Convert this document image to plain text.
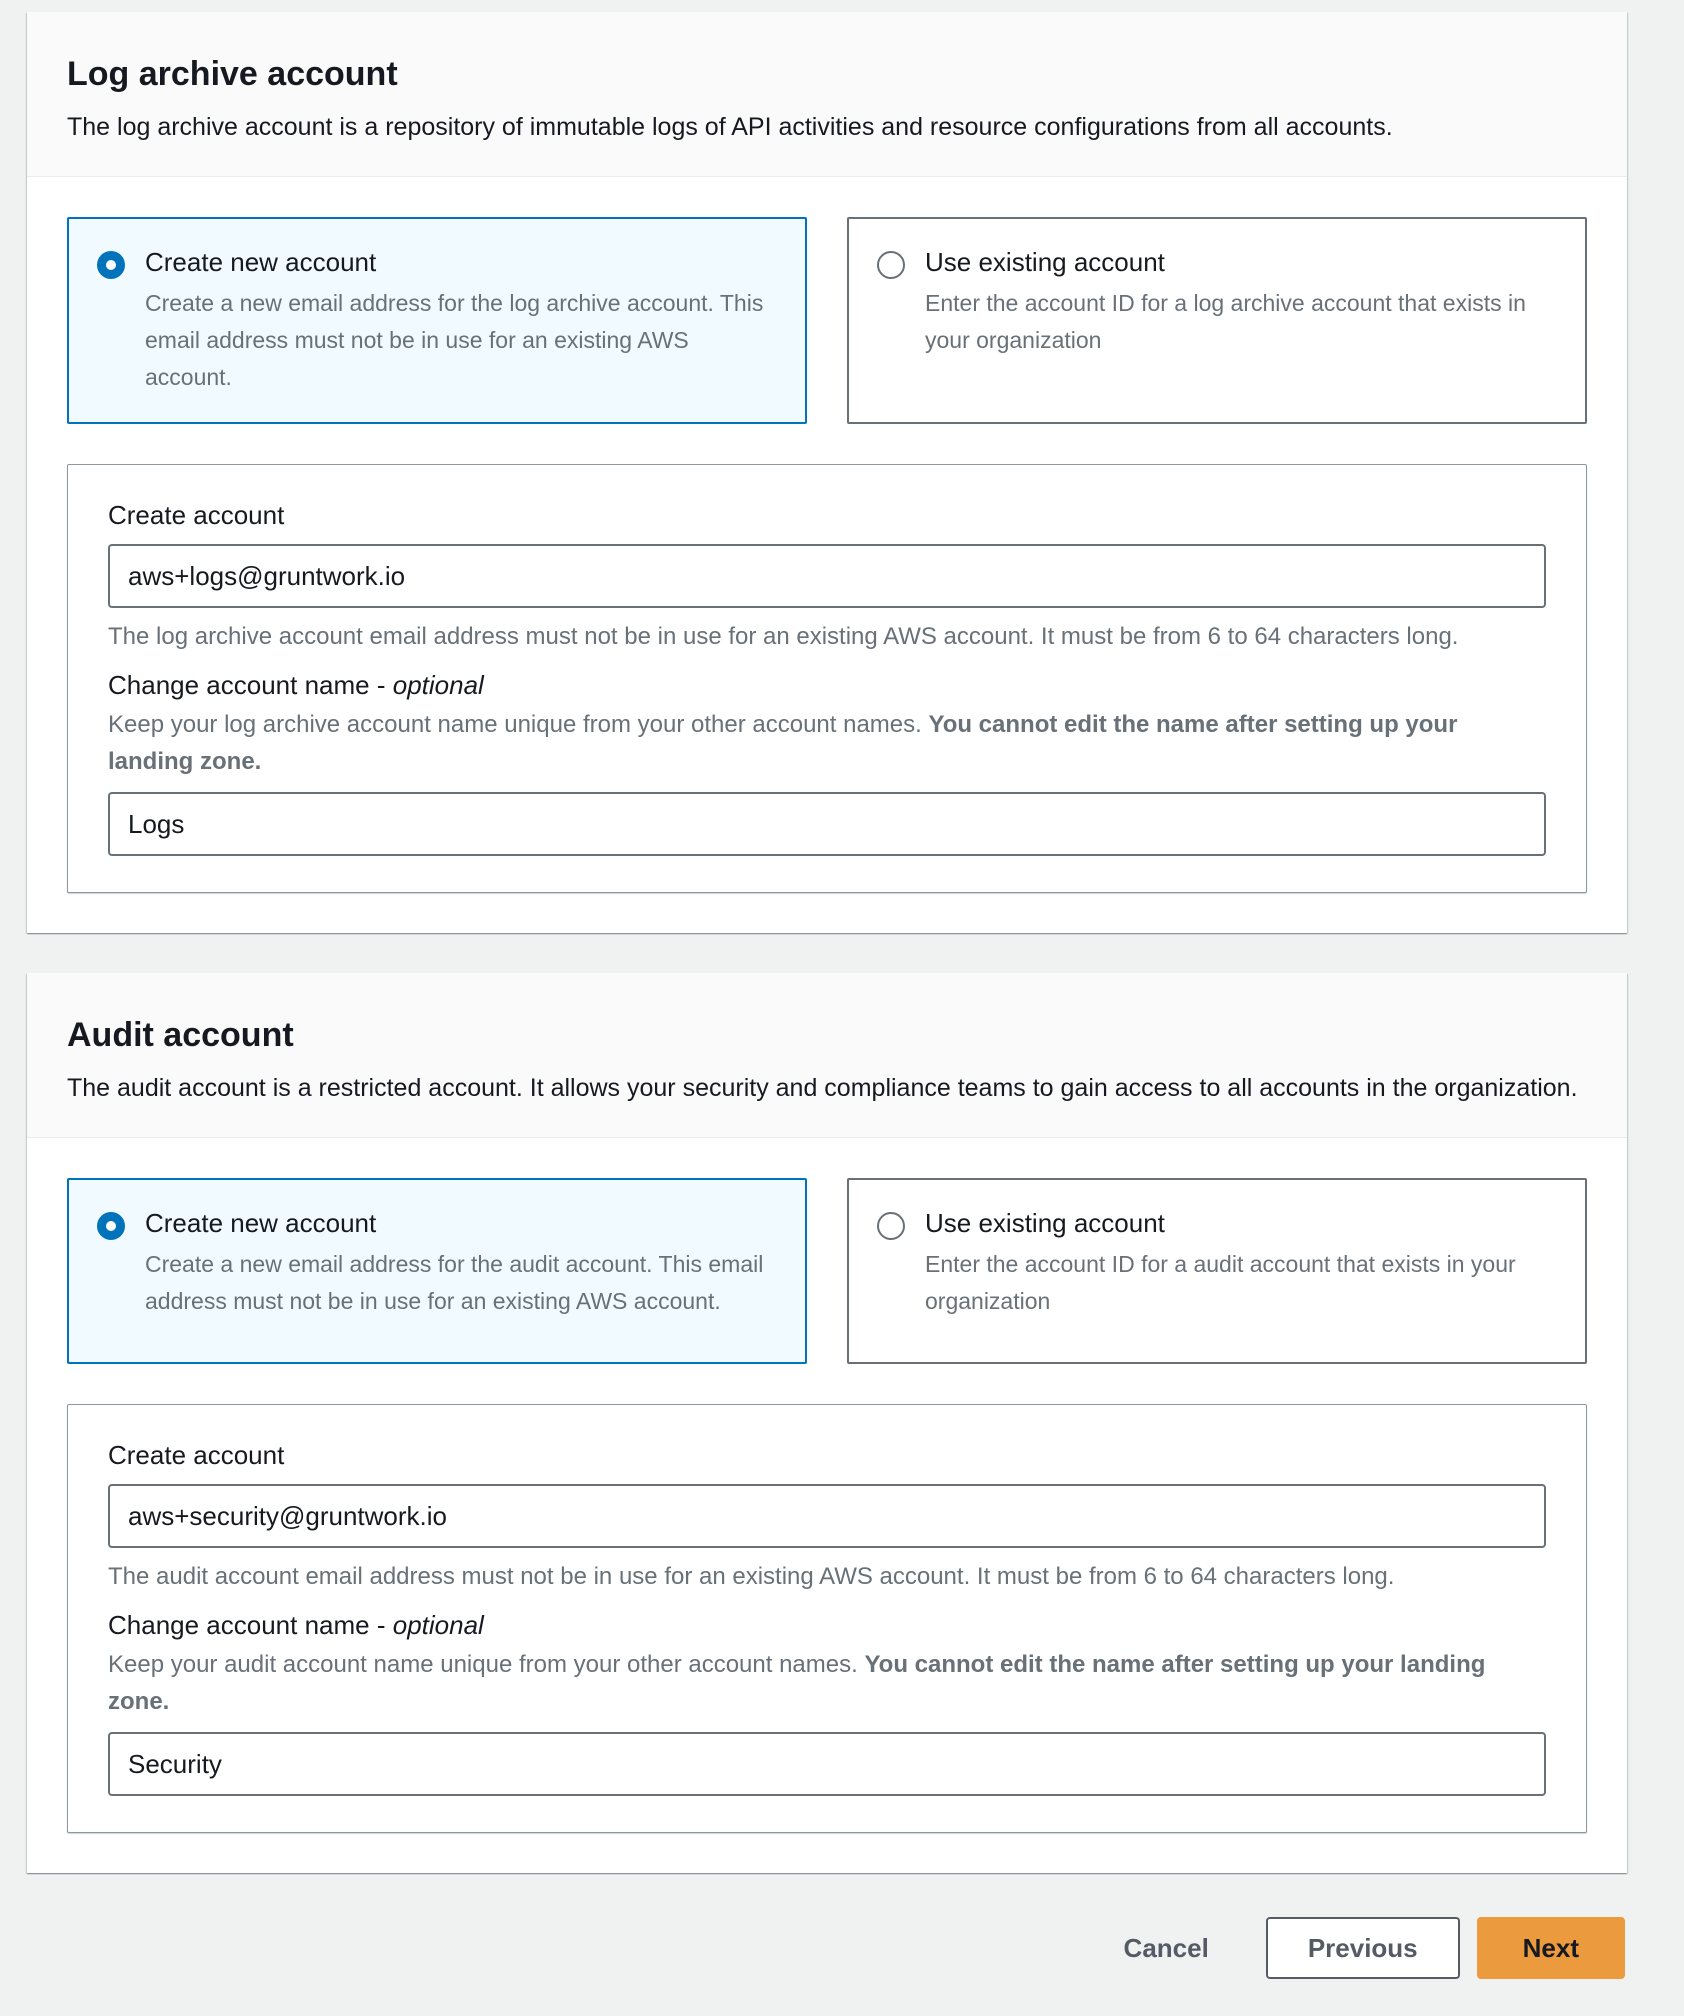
Log archive account
The log archive account is a repository of immutable logs of API activities and resource configurations from all accounts.
Create new account
Create a new email address for the log archive account. This email address must not be in use for an existing AWS account.
Use existing account
Enter the account ID for a log archive account that exists in your organization
Create account
aws+logs@gruntwork.io
The log archive account email address must not be in use for an existing AWS account. It must be from 6 to 64 characters long.
Change account name - optional
Keep your log archive account name unique from your other account names. You cannot edit the name after setting up your landing zone.
Logs
Audit account
The audit account is a restricted account. It allows your security and compliance teams to gain access to all accounts in the organization.
Create new account
Create a new email address for the audit account. This email address must not be in use for an existing AWS account.
Use existing account
Enter the account ID for a audit account that exists in your organization
Create account
aws+security@gruntwork.io
The audit account email address must not be in use for an existing AWS account. It must be from 6 to 64 characters long.
Change account name - optional
Keep your audit account name unique from your other account names. You cannot edit the name after setting up your landing zone.
Security
Cancel	Previous	Next
